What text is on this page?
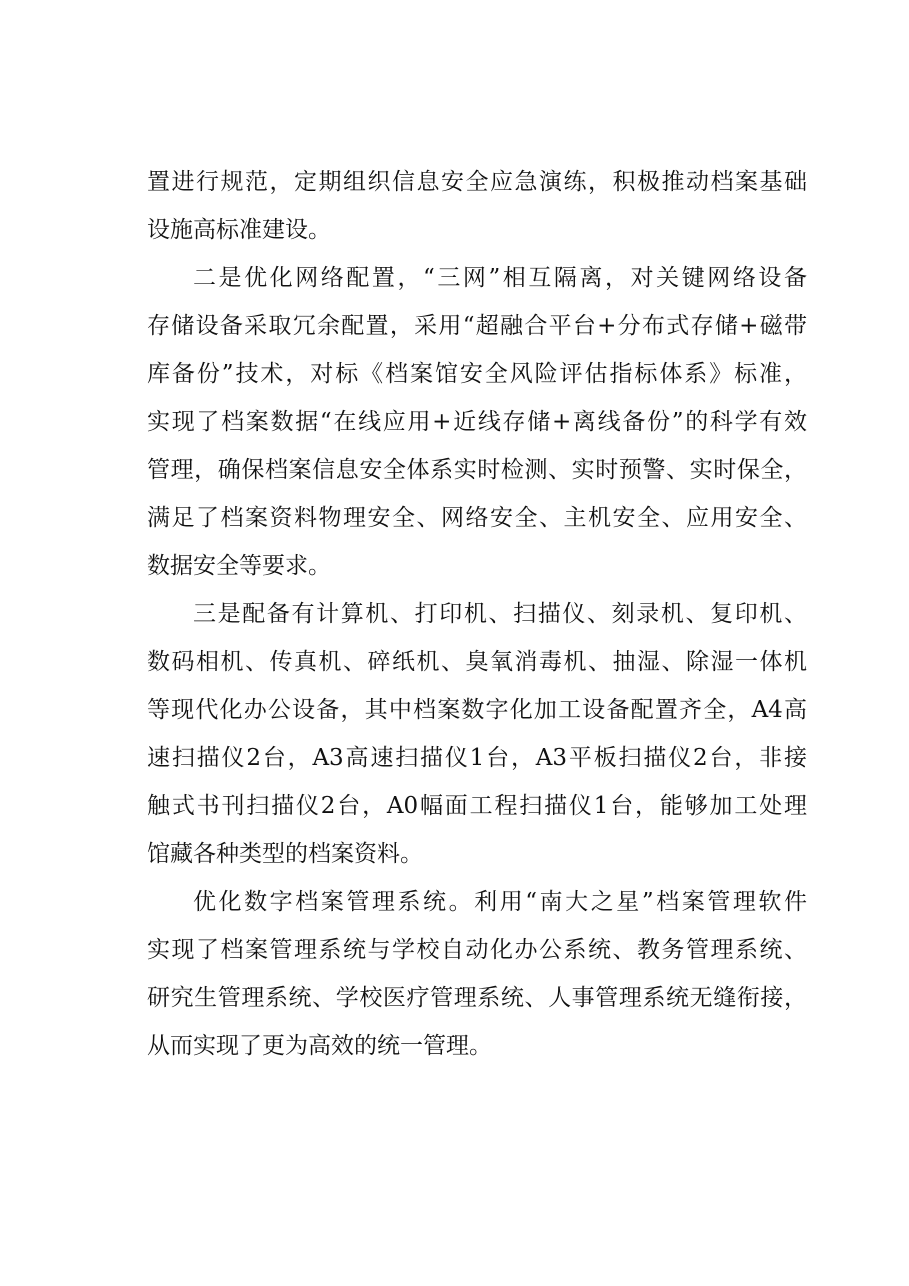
置进行规范，定期组织信息安全应急演练，积极推动档案基础
设施高标准建设。
二是优化网络配置，“三网”相互隔离，对关键网络设备
存储设备采取冗余配置，采用“超融合平台+分布式存储+磁带
库备份”技术，对标《档案馆安全风险评估指标体系》标准，
实现了档案数据“在线应用+近线存储+离线备份”的科学有效
管理，确保档案信息安全体系实时检测、实时预警、实时保全，
满足了档案资料物理安全、网络安全、主机安全、应用安全、
数据安全等要求。
三是配备有计算机、打印机、扫描仪、刻录机、复印机、
数码相机、传真机、碎纸机、臭氧消毒机、抽湿、除湿一体机
等现代化办公设备，其中档案数字化加工设备配置齐全，A4高
速扫描仪2台，A3高速扫描仪1台，A3平板扫描仪2台，非接
触式书刊扫描仪2台，A0幅面工程扫描仪1台，能够加工处理
馆藏各种类型的档案资料。
优化数字档案管理系统。利用“南大之星”档案管理软件
实现了档案管理系统与学校自动化办公系统、教务管理系统、
研究生管理系统、学校医疗管理系统、人事管理系统无缝衔接，
从而实现了更为高效的统一管理。
